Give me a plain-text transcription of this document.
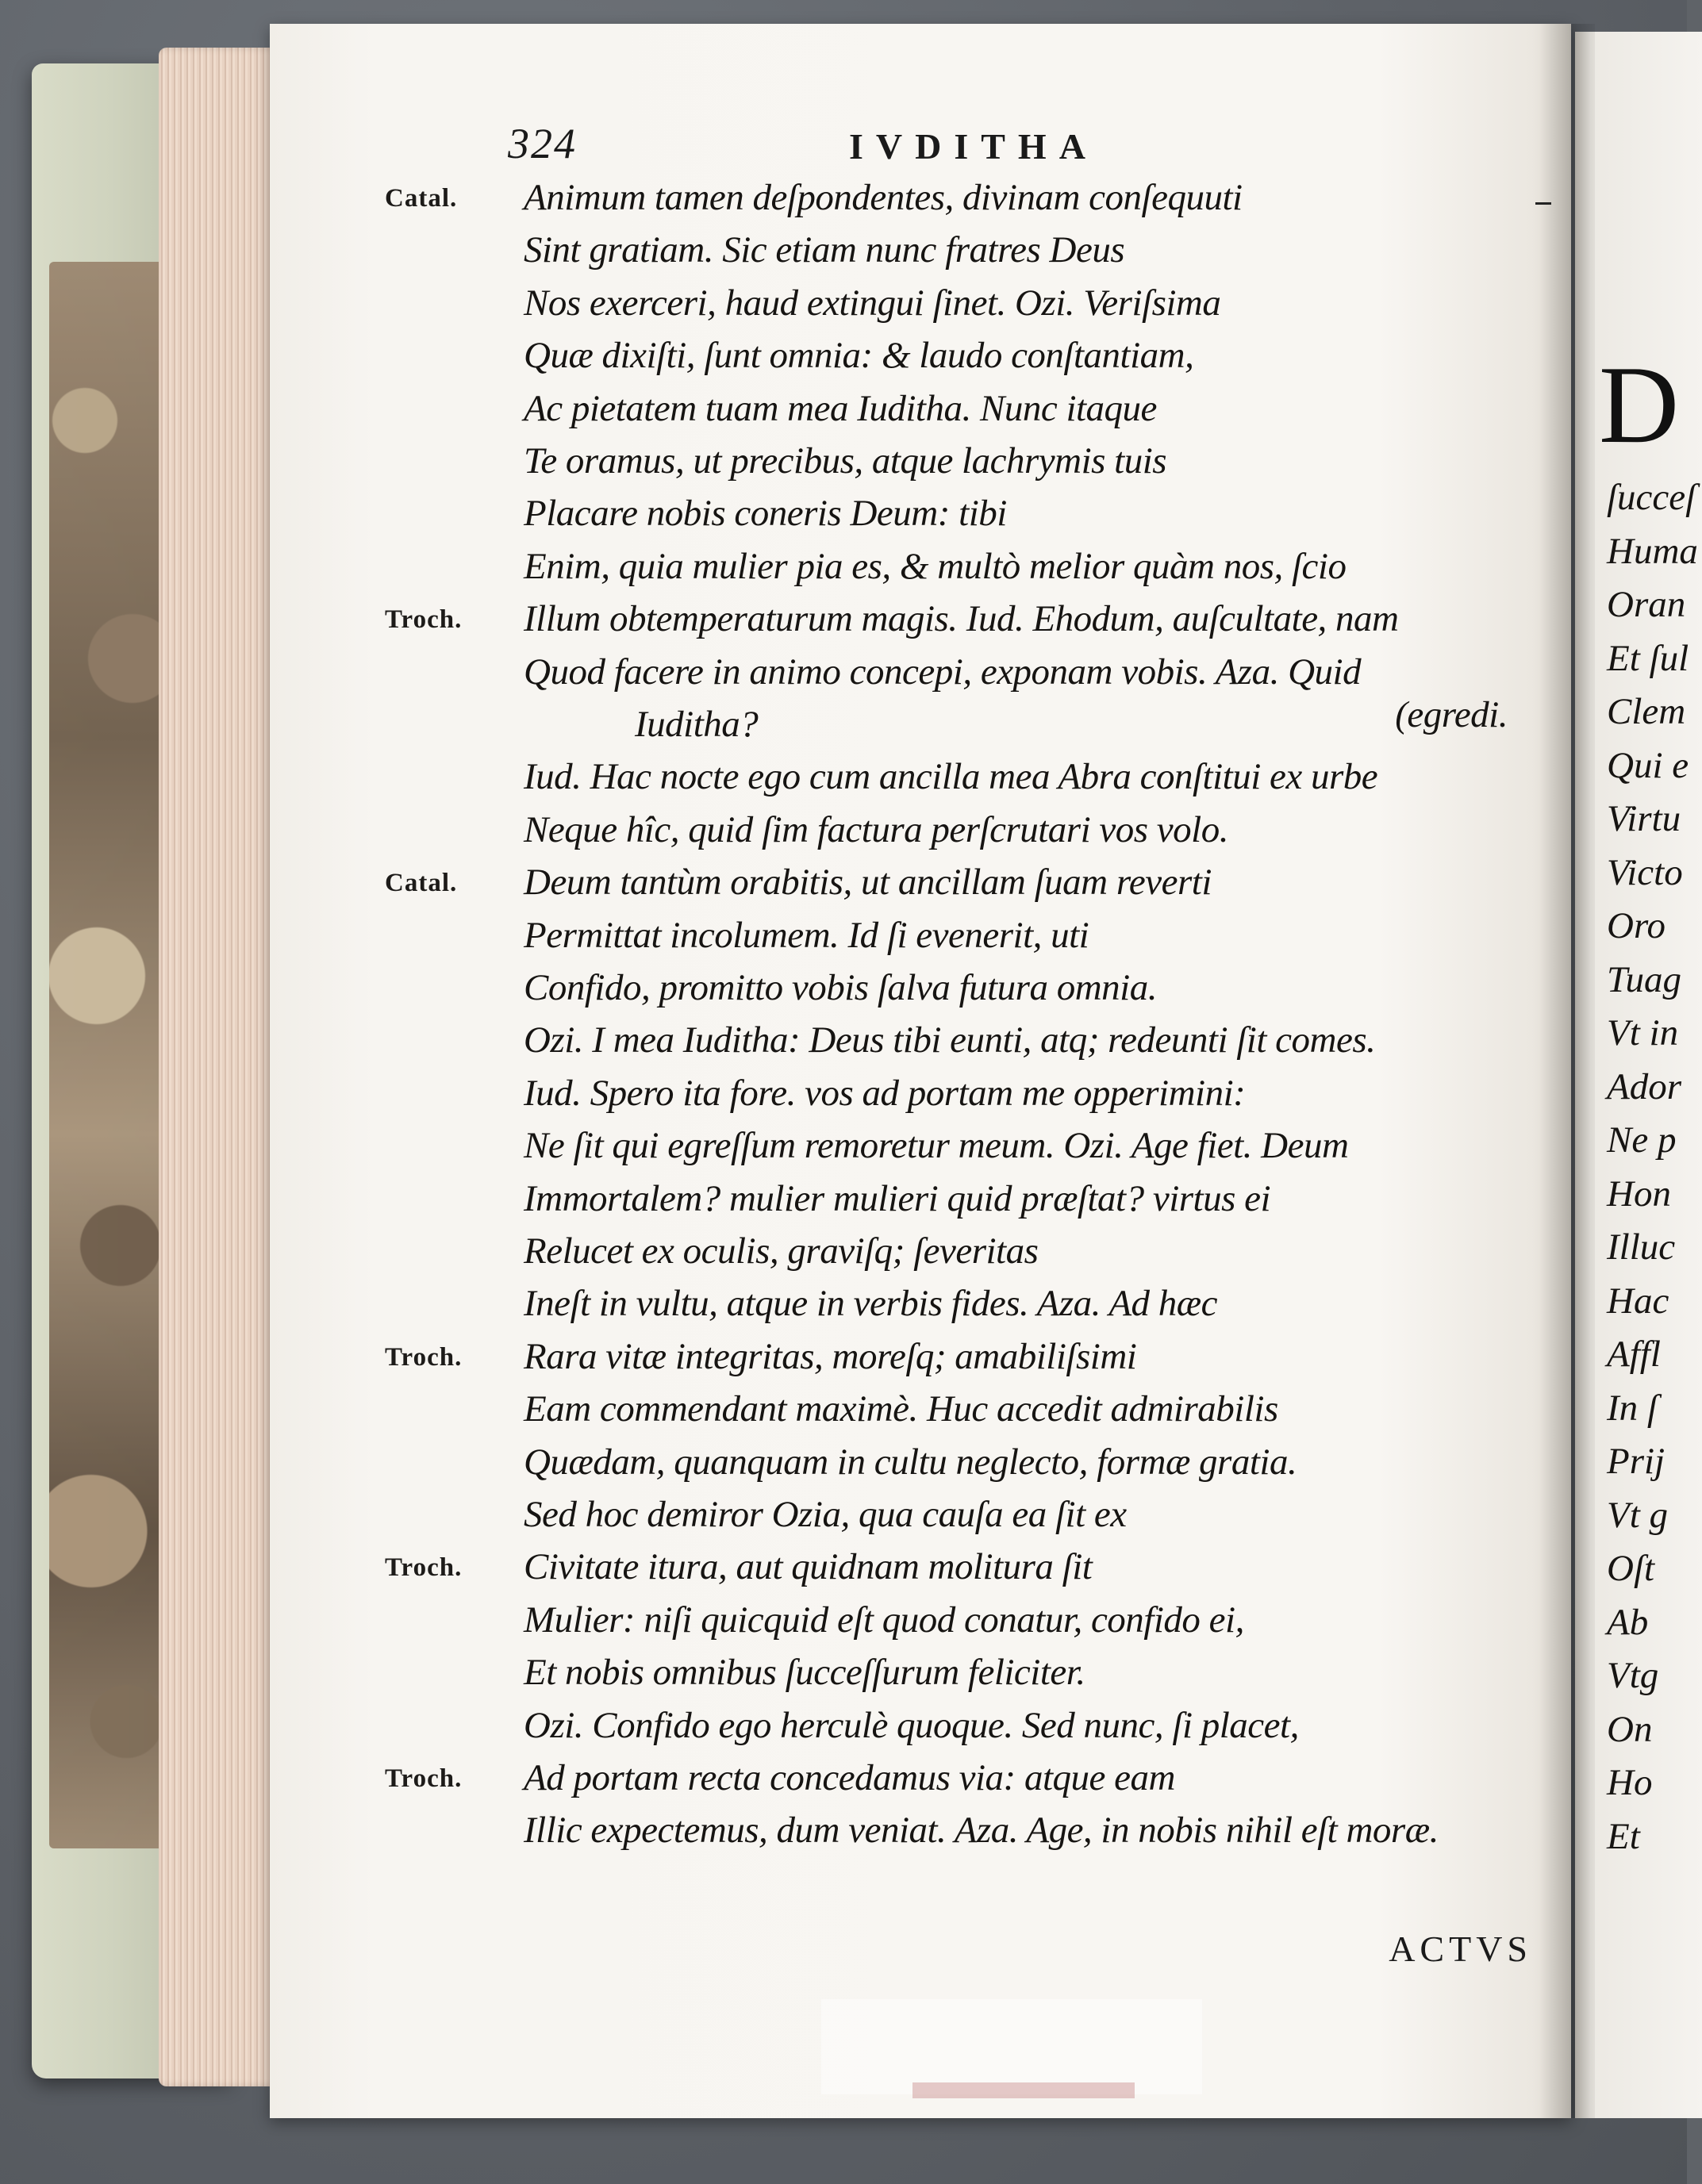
324	IVDITHA
Animum tamen deſpondentes, divinam conſequuti
Catal.
Sint gratiam. Sic etiam nunc fratres Deus
Nos exerceri, haud extingui ſinet. Ozi. Veriſsima
Quæ dixiſti, ſunt omnia: & laudo conſtantiam,
Ac pietatem tuam mea Iuditha. Nunc itaque
Te oramus, ut precibus, atque lachrymis tuis
Placare nobis coneris Deum: tibi
Enim, quia mulier pia es, & multò melior quàm nos, ſcio
Illum obtemperaturum magis. Iud. Ehodum, auſcultate, nam
Troch.
Quod facere in animo concepi, exponam vobis. Aza. Quid
Iuditha?	(egredi.
Iud. Hac nocte ego cum ancilla mea Abra conſtitui ex urbe
Neque hîc, quid ſim factura perſcrutari vos volo.
Deum tantùm orabitis, ut ancillam ſuam reverti
Catal.
Permittat incolumem. Id ſi evenerit, uti
Confido, promitto vobis ſalva futura omnia.
Ozi. I mea Iuditha: Deus tibi eunti, atq; redeunti ſit comes.
Iud. Spero ita fore. vos ad portam me opperimini:
Ne ſit qui egreſſum remoretur meum. Ozi. Age fiet. Deum
Immortalem? mulier mulieri quid præſtat? virtus ei
Relucet ex oculis, graviſq; ſeveritas
Ineſt in vultu, atque in verbis fides. Aza. Ad hæc
Rara vitæ integritas, moreſq; amabiliſsimi
Troch.
Eam commendant maximè. Huc accedit admirabilis
Quædam, quanquam in cultu neglecto, formæ gratia.
Sed hoc demiror Ozia, qua cauſa ea ſit ex
Civitate itura, aut quidnam molitura ſit
Troch.
Mulier: niſi quicquid eſt quod conatur, confido ei,
Et nobis omnibus ſucceſſurum feliciter.
Ozi. Confido ego herculè quoque. Sed nunc, ſi placet,
Ad portam recta concedamus via: atque eam
Troch.
Illic expectemus, dum veniat. Aza. Age, in nobis nihil eſt moræ.
ACTVS
D
ſucceſ
Huma
Oran
Et ſul
Clem
Qui e
Virtu
Victo
Oro
Tuag
Vt in
Ador
Ne p
Hon
Illuc
Hac
Affl
In ſ
Prij
Vt g
Oſt
Ab
Vtg
On
Ho
Et
